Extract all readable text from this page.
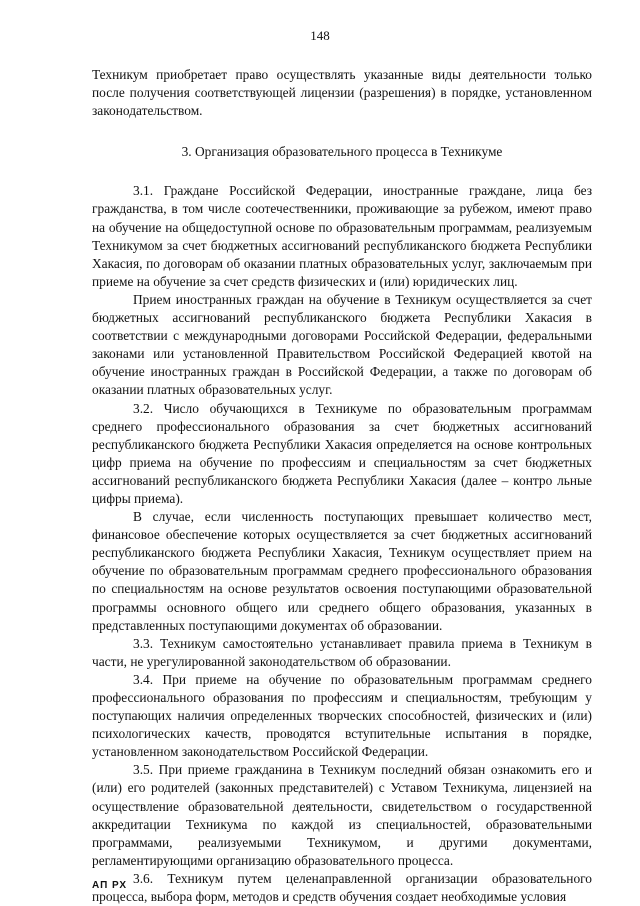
148

Техникум приобретает право осуществлять указанные виды деятельности только после получения соответствующей лицензии (разрешения) в порядке, установленном законодательством.

3. Организация образовательного процесса в Техникуме

3.1. Граждане Российской Федерации, иностранные граждане, лица без гражданства, в том числе соотечественники, проживающие за рубежом, имеют право на обучение на общедоступной основе по образовательным программам, реализуемым Техникумом за счет бюджетных ассигнований республиканского бюджета Республики Хакасия, по договорам об оказании платных образовательных услуг, заключаемым при приеме на обучение за счет средств физических и (или) юридических лиц.

Прием иностранных граждан на обучение в Техникум осуществляется за счет бюджетных ассигнований республиканского бюджета Республики Хакасия в соответствии с международными договорами Российской Федерации, федеральными законами или установленной Правительством Российской Федерацией квотой на обучение иностранных граждан в Российской Федерации, а также по договорам об оказании платных образовательных услуг.

3.2. Число обучающихся в Техникуме по образовательным программам среднего профессионального образования за счет бюджетных ассигнований республиканского бюджета Республики Хакасия определяется на основе контрольных цифр приема на обучение по профессиям и специальностям за счет бюджетных ассигнований республиканского бюджета Республики Хакасия (далее – контро льные цифры приема).

В случае, если численность поступающих превышает количество мест, финансовое обеспечение которых осуществляется за счет бюджетных ассигнований республиканского бюджета Республики Хакасия, Техникум осуществляет прием на обучение по образовательным программам среднего профессионального образования по специальностям на основе результатов освоения поступающими образовательной программы основного общего или среднего общего образования, указанных в представленных поступающими документах об образовании.

3.3. Техникум самостоятельно устанавливает правила приема в Техникум в части, не урегулированной законодательством об образовании.

3.4. При приеме на обучение по образовательным программам среднего профессионального образования по профессиям и специальностям, требующим у поступающих наличия определенных творческих способностей, физических и (или) психологических качеств, проводятся вступительные испытания в порядке, установленном законодательством Российской Федерации.

3.5. При приеме гражданина в Техникум последний обязан ознакомить его и (или) его родителей (законных представителей) с Уставом Техникума, лицензией на осуществление образовательной деятельности, свидетельством о государственной аккредитации Техникума по каждой из специальностей, образовательными программами, реализуемыми Техникумом, и другими документами, регламентирующими организацию образовательного процесса.

3.6. Техникум путем целенаправленной организации образовательного процесса, выбора форм, методов и средств обучения создает необходимые условия

АП РХ
